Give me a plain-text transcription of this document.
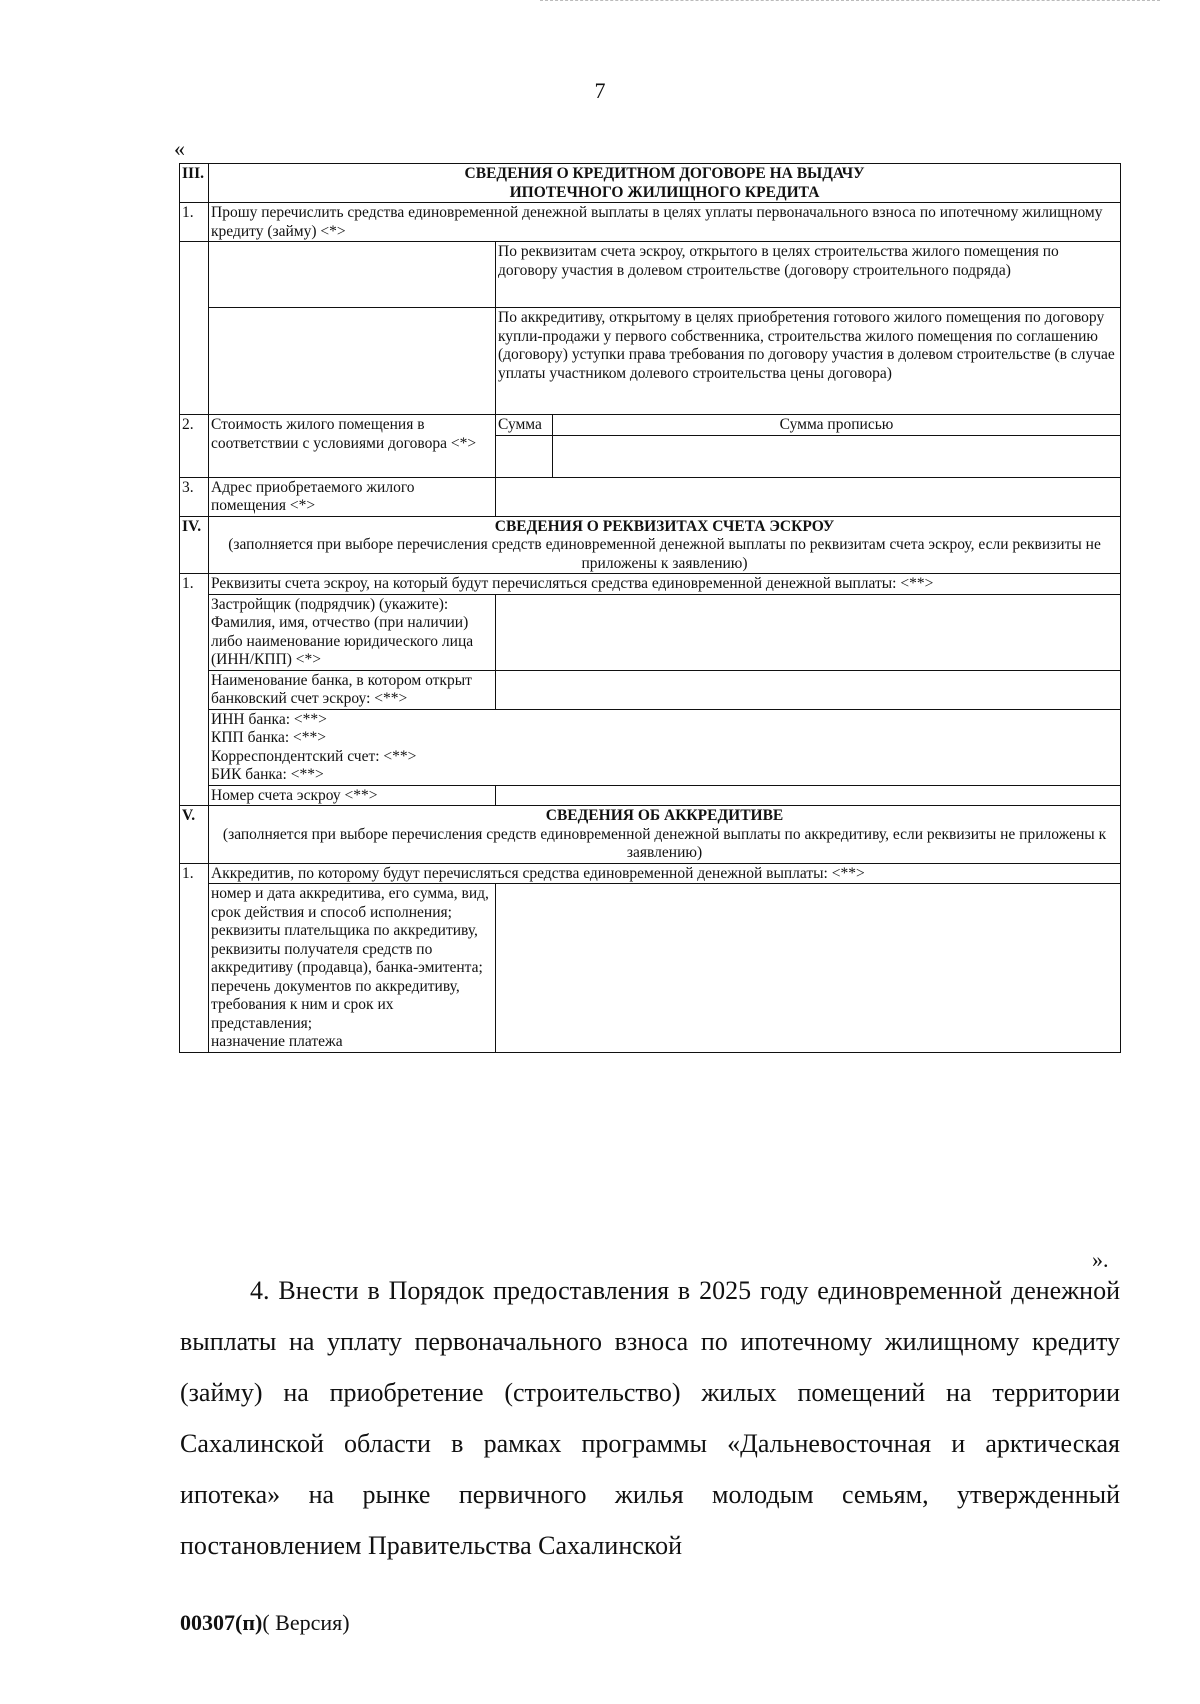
7
«
III.	СВЕДЕНИЯ О КРЕДИТНОМ ДОГОВОРЕ НА ВЫДАЧУ
ИПОТЕЧНОГО ЖИЛИЩНОГО КРЕДИТА		

1.	Прошу перечислить средства единовременной денежной выплаты в целях уплаты первоначального взноса по ипотечному жилищному кредиту (займу) <*>		
		По реквизитам счета эскроу, открытого в целях строительства жилого помещения по договору участия в долевом строительстве (договору строительного подряда)	
		По аккредитиву, открытому в целях приобретения готового жилого помещения по договору купли-продажи у первого собственника, строительства жилого помещения по соглашению (договору) уступки права требования по договору участия в долевом строительстве (в случае уплаты участником долевого строительства цены договора)	
2.	Стоимость жилого помещения в соответствии с условиями договора <*>	Сумма	Сумма прописью

3.	Адрес приобретаемого жилого помещения <*>		
IV.	СВЕДЕНИЯ О РЕКВИЗИТАХ СЧЕТА ЭСКРОУ
(заполняется при выборе перечисления средств единовременной денежной выплаты по реквизитам счета эскроу, если реквизиты не приложены к заявлению)		

1.	Реквизиты счета эскроу, на который будут перечисляться средства единовременной денежной выплаты: <**>		
	Застройщик (подрядчик) (укажите): Фамилия, имя, отчество (при наличии) либо наименование юридического лица (ИНН/КПП) <*>		
	Наименование банка, в котором открыт банковский счет эскроу: <**>		

	ИНН банка: <**>
КПП банка: <**>
Корреспондентский счет: <**>
БИК банка: <**>		

	Номер счета эскроу <**>		
V.	СВЕДЕНИЯ ОБ АККРЕДИТИВЕ
(заполняется при выборе перечисления средств единовременной денежной выплаты по аккредитиву, если реквизиты не приложены к заявлению)		

1.	Аккредитив, по которому будут перечисляться средства единовременной денежной выплаты: <**>		

	номер и дата аккредитива, его сумма, вид, срок действия и способ исполнения;
реквизиты плательщика по аккредитиву, реквизиты получателя средств по аккредитиву (продавца), банка-эмитента;
перечень документов по аккредитиву, требования к ним и срок их представления;
назначение платежа		

».
4. Внести в Порядок предоставления в 2025 году единовременной денежной выплаты на уплату первоначального взноса по ипотечному жилищному кредиту (займу) на приобретение (строительство) жилых помещений на территории Сахалинской области в рамках программы «Дальневосточная и арктическая ипотека» на рынке первичного жилья молодым семьям, утвержденный постановлением Правительства Сахалинской
00307(п)( Версия)
